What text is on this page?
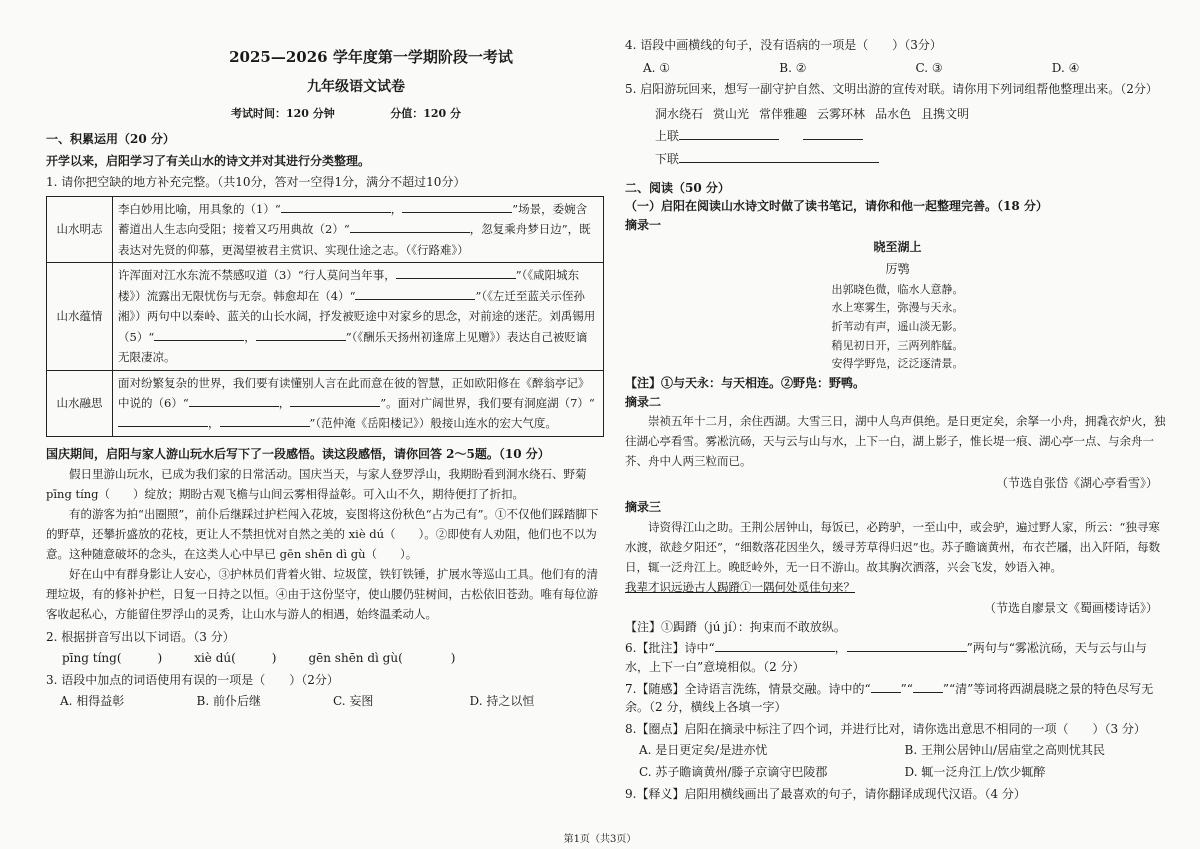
2025—2026 学年度第一学期阶段一考试
九年级语文试卷
考试时间：120 分钟	分值：120 分
一、积累运用（20 分）
开学以来，启阳学习了有关山水的诗文并对其进行分类整理。
1. 请你把空缺的地方补充完整。（共10分，答对一空得1分，满分不超过10分）
山水明志	李白妙用比喻，用具象的（1）“ ， ”场景，委婉含蓄道出人生志向受阻；接着又巧用典故（2）“ ，忽复乘舟梦日边”，既表达对先贤的仰慕，更渴望被君主赏识、实现仕途之志。（《行路难》）
山水蕴情	许浑面对江水东流不禁感叹道（3）“行人莫问当年事， ”（《咸阳城东楼》）流露出无限忧伤与无奈。韩愈却在（4）“ ”（《左迁至蓝关示侄孙湘》）两句中以秦岭、蓝关的山长水阔，抒发被贬途中对家乡的思念，对前途的迷茫。刘禹锡用（5）“ ， ”（《酬乐天扬州初逢席上见赠》）表达自己被贬谪无限凄凉。
山水融思	面对纷繁复杂的世界，我们要有读懂别人言在此而意在彼的智慧，正如欧阳修在《醉翁亭记》中说的（6）“ ， ”。面对广阔世界，我们要有洞庭湖（7）“， ”（范仲淹《岳阳楼记》）般接山连水的宏大气度。
国庆期间，启阳与家人游山玩水后写下了一段感悟。读这段感悟，请你回答 2～5题。（10 分）
假日里游山玩水，已成为我们家的日常活动。国庆当天，与家人登罗浮山，我期盼看到洞水绕石、野菊 pīng tíng（　　）绽放；期盼古观飞檐与山间云雾相得益彰。可入山不久，期待便打了折扣。
有的游客为拍“出圈照”，前仆后继踩过护栏闯入花坡，妄图将这份秋色“占为己有”。①不仅他们踩踏脚下的野草，还攀折盛放的花枝，更让人不禁担忧对自然之美的 xiè dú（　　）。②即使有人劝阻，他们也不以为意。这种随意破坏的念头，在这类人心中早已 gēn shēn dì gù（　　）。
好在山中有群身影让人安心，③护林员们背着火钳、垃圾筐，铁钉铁锤，扩展水等巡山工具。他们有的清理垃圾，有的修补护栏，日复一日持之以恒。④由于这份坚守，使山腰仍驻树间，古松依旧苍劲。唯有每位游客收起私心，方能留住罗浮山的灵秀，让山水与游人的相遇，始终温柔动人。
2. 根据拼音写出以下词语。（3 分）
pīng tíng(　　　)	xiè dú(　　　)	gēn shēn dì gù(　　　　)
3. 语段中加点的词语使用有误的一项是（　　）（2分）
A. 相得益彰	B. 前仆后继	C. 妄图	D. 持之以恒
4. 语段中画横线的句子，没有语病的一项是（　　）（3分）
A. ①	B. ②	C. ③	D. ④
5. 启阳游玩回来，想写一副守护自然、文明出游的宣传对联。请你用下列词组帮他整理出来。（2分）
洞水绕石 赏山光 常伴雅趣 云雾环林 品水色 且携文明
上联　　
下联
二、阅读（50 分）
（一）启阳在阅读山水诗文时做了读书笔记，请你和他一起整理完善。（18 分）
摘录一
晓至湖上
厉鹗
出郭晓色微，临水人意静。
水上寒雾生，弥漫与天永。
折苇动有声，遥山淡无影。
稍见初日开，三两列舴艋。
安得学野凫，泛泛逐清景。
【注】①与天永：与天相连。②野凫：野鸭。
摘录二
崇祯五年十二月，余住西湖。大雪三日，湖中人鸟声俱绝。是日更定矣，余拏一小舟，拥毳衣炉火，独往湖心亭看雪。雾凇沆砀，天与云与山与水，上下一白，湖上影子，惟长堤一痕、湖心亭一点、与余舟一芥、舟中人两三粒而已。
（节选自张岱《湖心亭看雪》）
摘录三
诗资得江山之助。王荆公居钟山，每饭已，必跨驴，一至山中，或会驴，遍过野人家，所云：“独寻寒水渡，欲趁夕阳还”，“细数落花因坐久，缓寻芳草得归迟”也。苏子瞻谪黄州，布衣芒屩，出入阡陌，每数日，辄一泛舟江上。晚眨岭外，无一日不游山。故其胸次洒落，兴会飞发，妙语入神。
我辈才识远逊古人跼蹐①一隅何处觅佳句来？
（节选自廖景文《蜀画楼诗话》）
【注】①跼蹐（jú jí）：拘束而不敢放纵。
6.【批注】诗中“	，	”两句与“雾凇沆砀，天与云与山与水，上下一白”意境相似。（2 分）
7.【随感】全诗语言洗练，情景交融。诗中的“	”“	”“清”等词将西湖晨晓之景的特色尽写无余。（2 分，横线上各填一字）
8.【圈点】启阳在摘录中标注了四个词，并进行比对，请你选出意思不相同的一项（　　）（3 分）
A. 是日更定矣/是进亦忧	B. 王荆公居钟山/居庙堂之高则忧其民
C. 苏子瞻谪黄州/滕子京谪守巴陵郡	D. 辄一泛舟江上/饮少辄醉
9.【释义】启阳用横线画出了最喜欢的句子，请你翻译成现代汉语。（4 分）
第1页（共3页）
